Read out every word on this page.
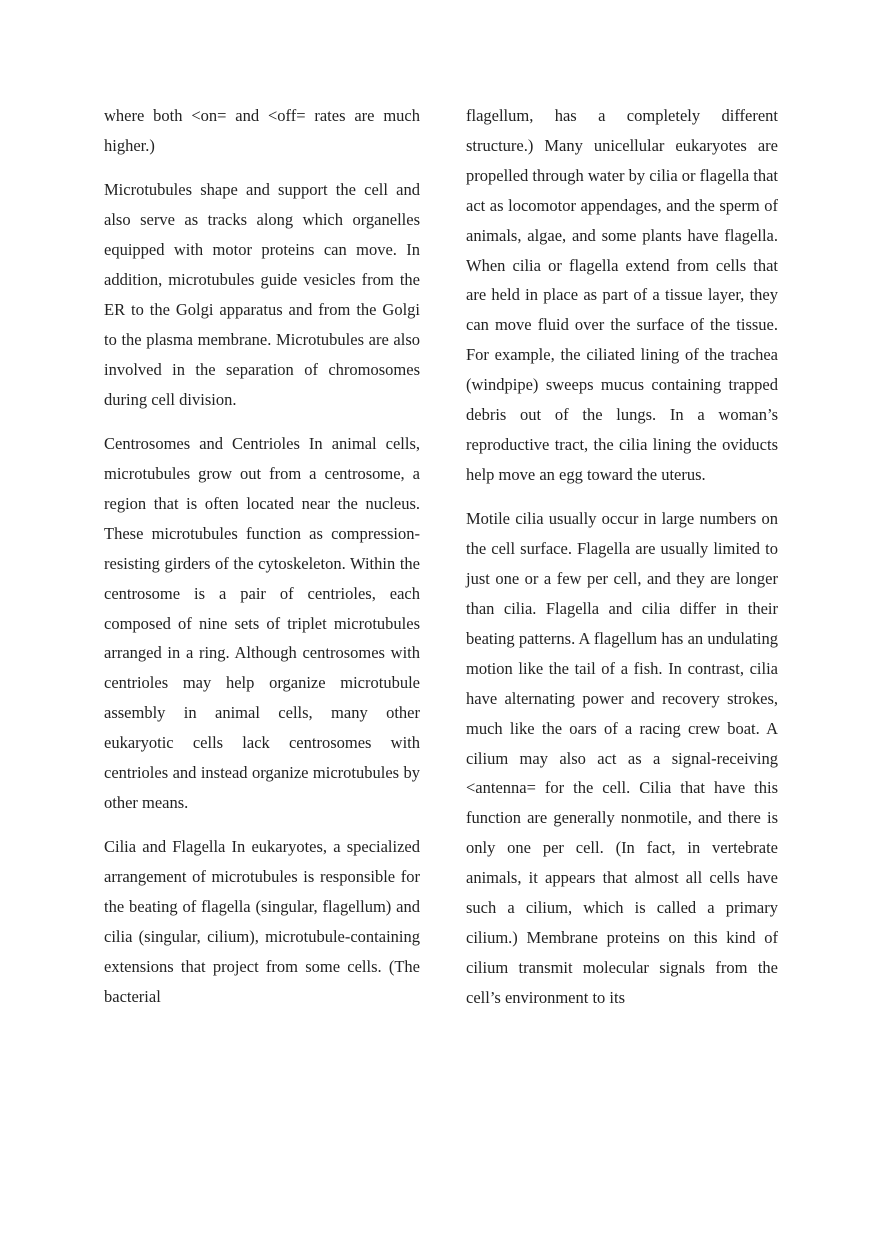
where both <on= and <off= rates are much higher.)

Microtubules shape and support the cell and also serve as tracks along which organelles equipped with motor proteins can move. In addition, microtubules guide vesicles from the ER to the Golgi apparatus and from the Golgi to the plasma membrane. Microtubules are also involved in the separation of chromosomes during cell division.

Centrosomes and Centrioles In animal cells, microtubules grow out from a centrosome, a region that is often located near the nucleus. These microtubules function as compression-resisting girders of the cytoskeleton. Within the centrosome is a pair of centrioles, each composed of nine sets of triplet microtubules arranged in a ring. Although centrosomes with centrioles may help organize microtubule assembly in animal cells, many other eukaryotic cells lack centrosomes with centrioles and instead organize microtubules by other means.

Cilia and Flagella In eukaryotes, a specialized arrangement of microtubules is responsible for the beating of flagella (singular, flagellum) and cilia (singular, cilium), microtubule-containing extensions that project from some cells. (The bacterial

flagellum, has a completely different structure.) Many unicellular eukaryotes are propelled through water by cilia or flagella that act as locomotor appendages, and the sperm of animals, algae, and some plants have flagella. When cilia or flagella extend from cells that are held in place as part of a tissue layer, they can move fluid over the surface of the tissue. For example, the ciliated lining of the trachea (windpipe) sweeps mucus containing trapped debris out of the lungs. In a woman’s reproductive tract, the cilia lining the oviducts help move an egg toward the uterus.

Motile cilia usually occur in large numbers on the cell surface. Flagella are usually limited to just one or a few per cell, and they are longer than cilia. Flagella and cilia differ in their beating patterns. A flagellum has an undulating motion like the tail of a fish. In contrast, cilia have alternating power and recovery strokes, much like the oars of a racing crew boat. A cilium may also act as a signal-receiving <antenna= for the cell. Cilia that have this function are generally nonmotile, and there is only one per cell. (In fact, in vertebrate animals, it appears that almost all cells have such a cilium, which is called a primary cilium.) Membrane proteins on this kind of cilium transmit molecular signals from the cell’s environment to its
